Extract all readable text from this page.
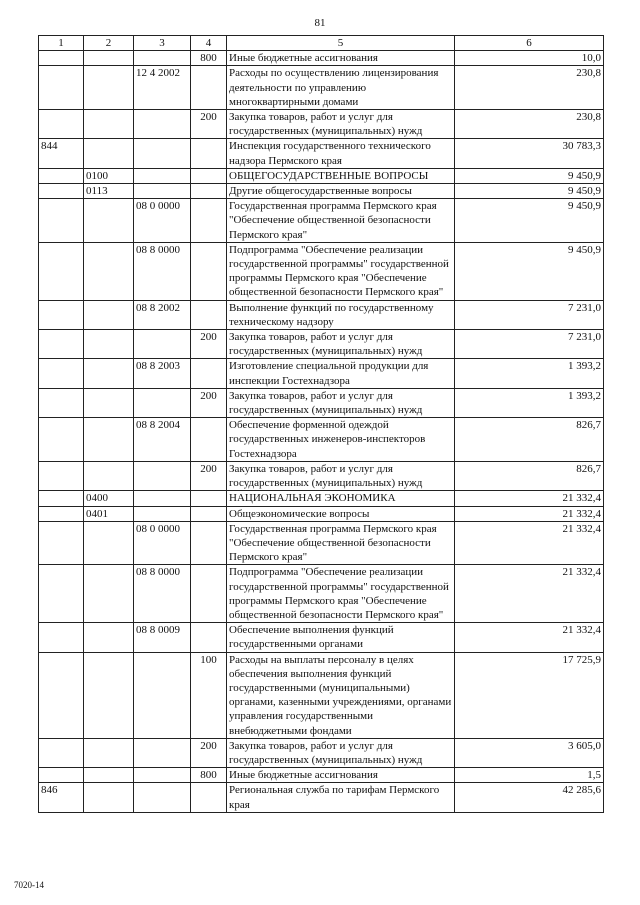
81
1	2	3	4	5	6
			800	Иные бюджетные ассигнования	10,0
		12 4 2002		Расходы по осуществлению лицензирования деятельности по управлению многоквартирными домами	230,8
			200	Закупка товаров, работ и услуг для государственных (муниципальных) нужд	230,8
844				Инспекция государственного технического надзора Пермского края	30 783,3
	0100			ОБЩЕГОСУДАРСТВЕННЫЕ ВОПРОСЫ	9 450,9
	0113			Другие общегосударственные вопросы	9 450,9
		08 0 0000		Государственная программа Пермского края "Обеспечение общественной безопасности Пермского края"	9 450,9
		08 8 0000		Подпрограмма "Обеспечение реализации государственной программы" государственной программы Пермского края "Обеспечение общественной безопасности Пермского края"	9 450,9
		08 8 2002		Выполнение функций по государственному техническому надзору	7 231,0
			200	Закупка товаров, работ и услуг для государственных (муниципальных) нужд	7 231,0
		08 8 2003		Изготовление специальной продукции для инспекции Гостехнадзора	1 393,2
			200	Закупка товаров, работ и услуг для государственных (муниципальных) нужд	1 393,2
		08 8 2004		Обеспечение форменной одеждой государственных инженеров-инспекторов Гостехнадзора	826,7
			200	Закупка товаров, работ и услуг для государственных (муниципальных) нужд	826,7
	0400			НАЦИОНАЛЬНАЯ ЭКОНОМИКА	21 332,4
	0401			Общеэкономические вопросы	21 332,4
		08 0 0000		Государственная программа Пермского края "Обеспечение общественной безопасности Пермского края"	21 332,4
		08 8 0000		Подпрограмма "Обеспечение реализации государственной программы" государственной программы Пермского края "Обеспечение общественной безопасности Пермского края"	21 332,4
		08 8 0009		Обеспечение выполнения функций государственными органами	21 332,4
			100	Расходы на выплаты персоналу в целях обеспечения выполнения функций государственными (муниципальными) органами, казенными учреждениями, органами управления государственными внебюджетными фондами	17 725,9
			200	Закупка товаров, работ и услуг для государственных (муниципальных) нужд	3 605,0
			800	Иные бюджетные ассигнования	1,5
846				Региональная служба по тарифам Пермского края	42 285,6
7020-14
